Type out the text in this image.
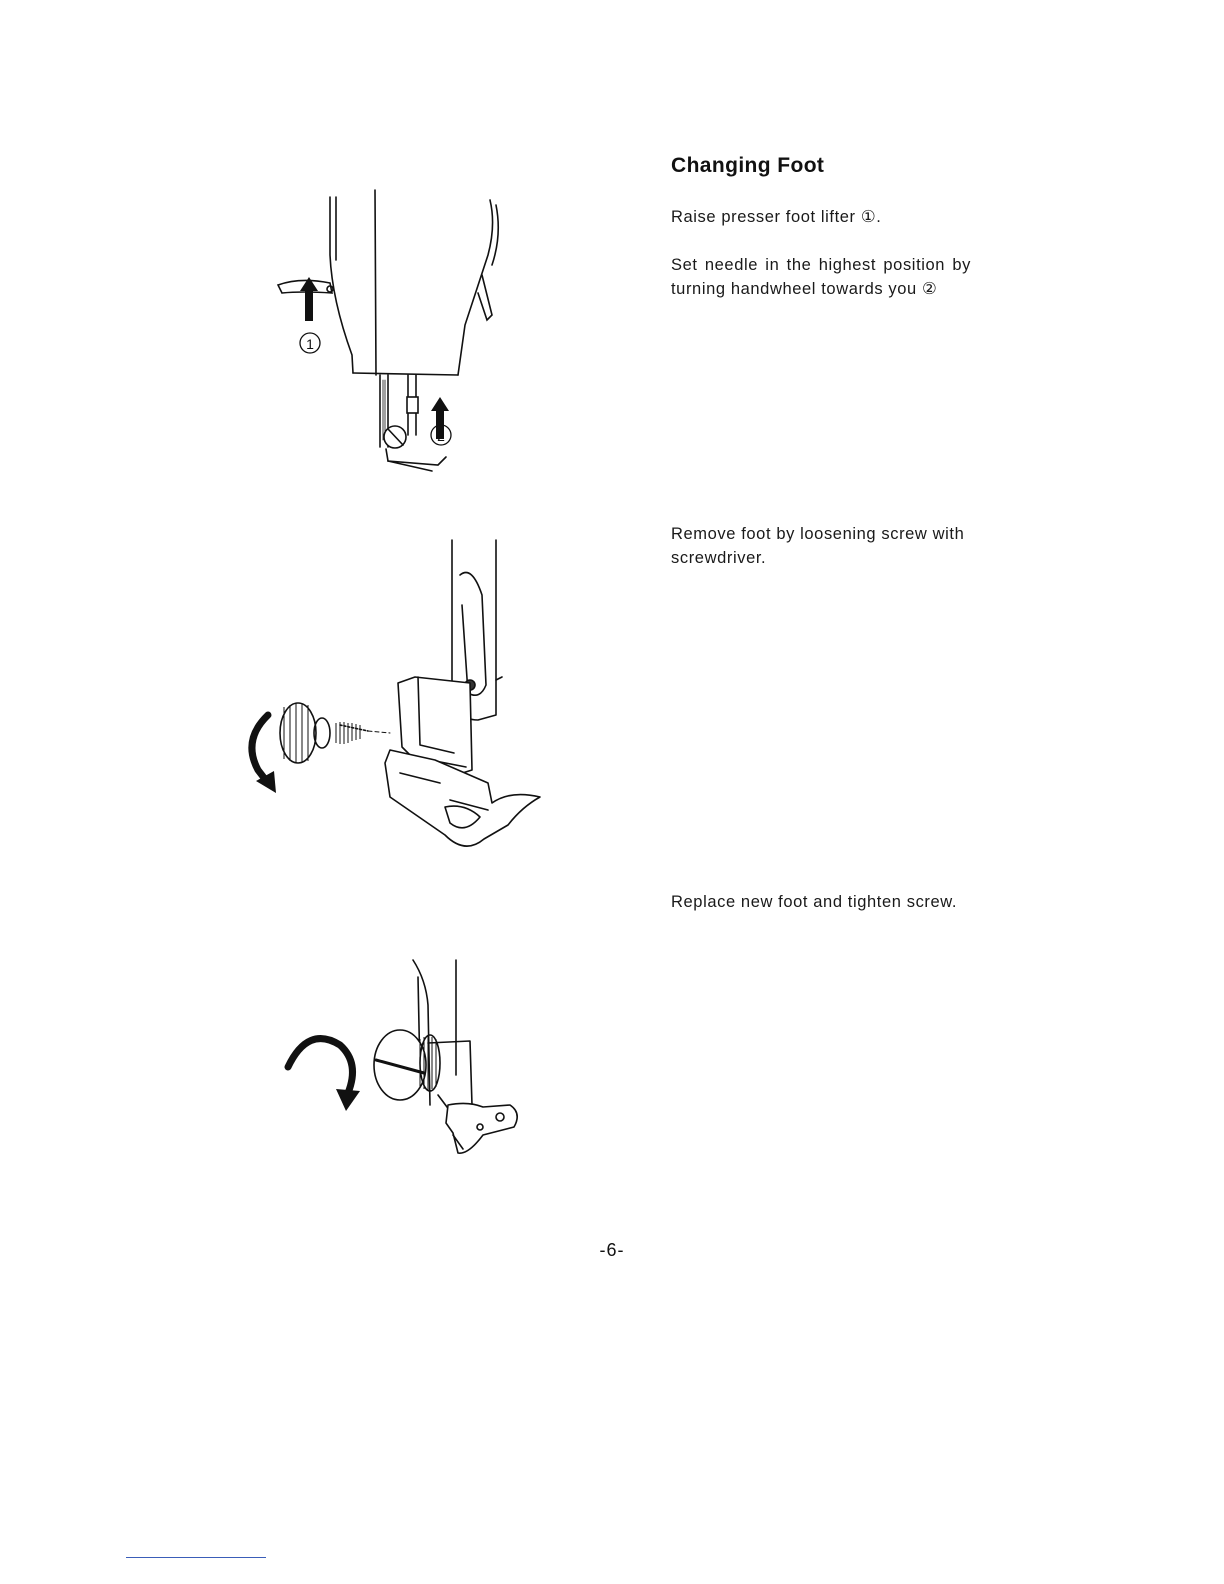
1
2
Changing Foot
Raise presser foot lifter ①.
Set needle in the highest position by turning handwheel towards you ②
Remove foot by loosening screw with screwdriver.
Replace new foot and tighten screw.
-6-
